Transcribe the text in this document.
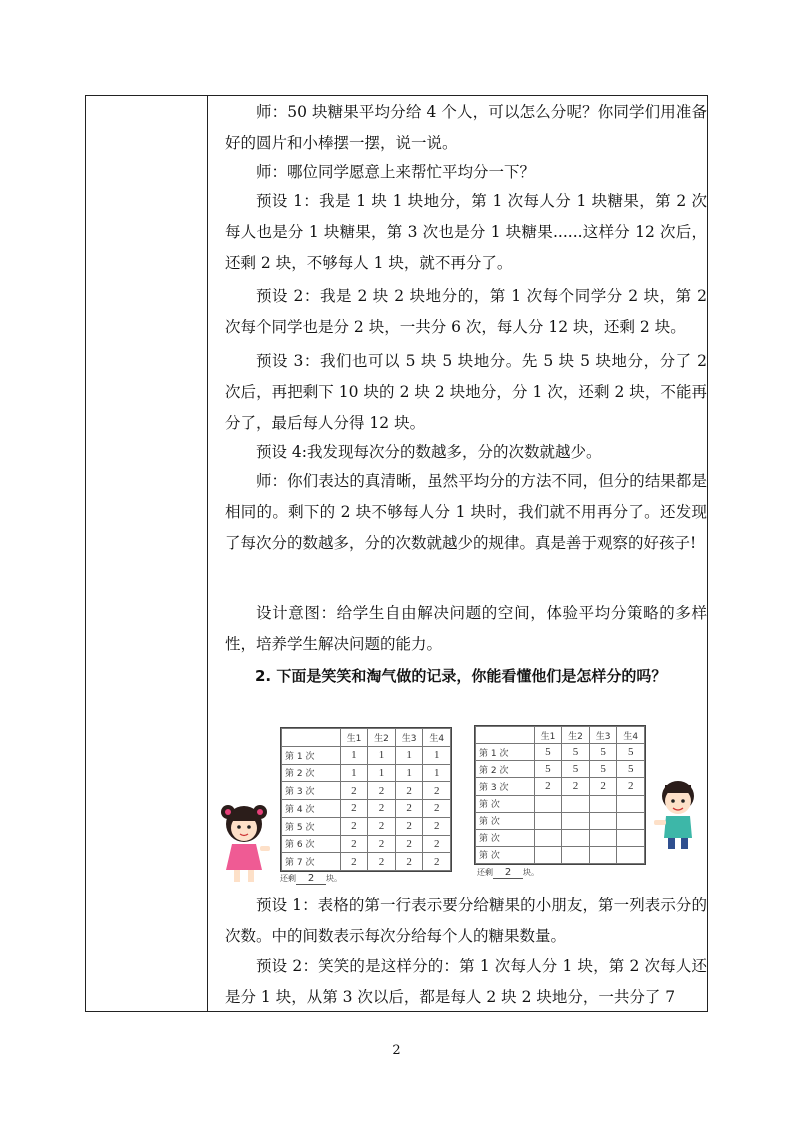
师：50 块糖果平均分给 4 个人，可以怎么分呢？你同学们用准备好的圆片和小棒摆一摆，说一说。

师：哪位同学愿意上来帮忙平均分一下？

预设 1：我是 1 块 1 块地分，第 1 次每人分 1 块糖果，第 2 次每人也是分 1 块糖果，第 3 次也是分 1 块糖果......这样分 12 次后，还剩 2 块，不够每人 1 块，就不再分了。

预设 2：我是 2 块 2 块地分的，第 1 次每个同学分 2 块，第 2 次每个同学也是分 2 块，一共分 6 次，每人分 12 块，还剩 2 块。

预设 3：我们也可以 5 块 5 块地分。先 5 块 5 块地分，分了 2 次后，再把剩下 10 块的 2 块 2 块地分，分 1 次，还剩 2 块，不能再分了，最后每人分得 12 块。

预设 4:我发现每次分的数越多，分的次数就越少。

师：你们表达的真清晰，虽然平均分的方法不同，但分的结果都是相同的。剩下的 2 块不够每人分 1 块时，我们就不用再分了。还发现了每次分的数越多，分的次数就越少的规律。真是善于观察的好孩子!

设计意图：给学生自由解决问题的空间，体验平均分策略的多样性，培养学生解决问题的能力。

2. 下面是笑笑和淘气做的记录，你能看懂他们是怎样分的吗？

	生1	生2	生3	生4
第 1 次	1	1	1	1
第 2 次	1	1	1	1
第 3 次	2	2	2	2
第 4 次	2	2	2	2
第 5 次	2	2	2	2
第 6 次	2	2	2	2
第 7 次	2	2	2	2
还剩 2 块。
	生1	生2	生3	生4
第 1 次	5	5	5	5
第 2 次	5	5	5	5
第 3 次	2	2	2	2
第 次				
第 次				
第 次				
第 次				
还剩 2 块。

预设 1：表格的第一行表示要分给糖果的小朋友，第一列表示分的次数。中的间数表示每次分给每个人的糖果数量。

预设 2：笑笑的是这样分的：第 1 次每人分 1 块，第 2 次每人还是分 1 块，从第 3 次以后，都是每人 2 块 2 块地分，一共分了 7

2
